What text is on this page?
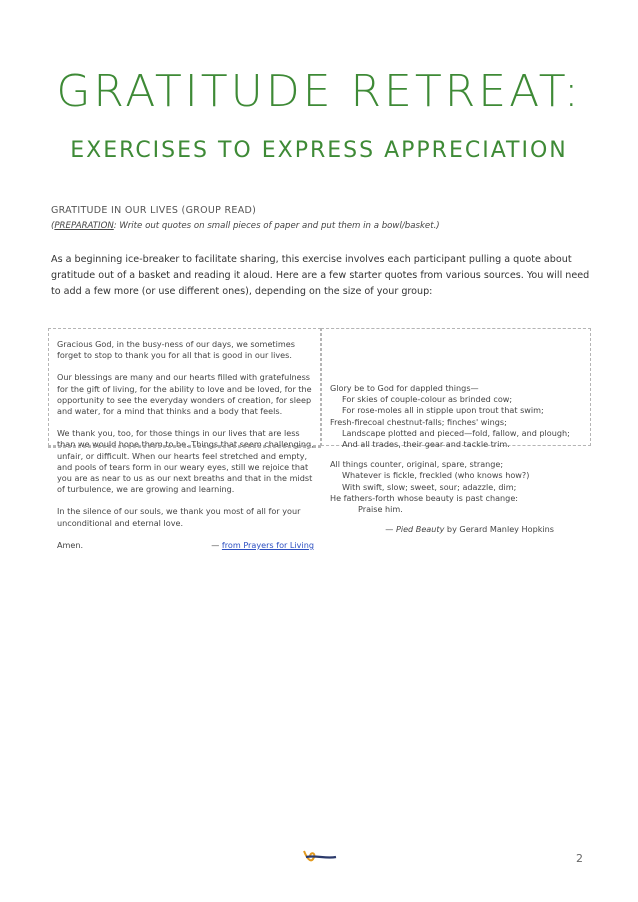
GRATITUDE RETREAT:
EXERCISES TO EXPRESS APPRECIATION
GRATITUDE IN OUR LIVES (GROUP READ)
(PREPARATION: Write out quotes on small pieces of paper and put them in a bowl/basket.)
As a beginning ice-breaker to facilitate sharing, this exercise involves each participant pulling a quote about gratitude out of a basket and reading it aloud. Here are a few starter quotes from various sources. You will need to add a few more (or use different ones), depending on the size of your group:

Gracious God, in the busy-ness of our days, we sometimes forget to stop to thank you for all that is good in our lives.

Our blessings are many and our hearts filled with gratefulness for the gift of living, for the ability to love and be loved, for the opportunity to see the everyday wonders of creation, for sleep and water, for a mind that thinks and a body that feels.

We thank you, too, for those things in our lives that are less than we would hope them to be. Things that seem challenging, unfair, or difficult. When our hearts feel stretched and empty, and pools of tears form in our weary eyes, still we rejoice that you are as near to us as our next breaths and that in the midst of turbulence, we are growing and learning.

In the silence of our souls, we thank you most of all for your unconditional and eternal love.

Amen.	— from Prayers for Living
Glory be to God for dappled things—
For skies of couple-colour as brinded cow;
For rose-moles all in stipple upon trout that swim;
Fresh-firecoal chestnut-falls; finches' wings;
Landscape plotted and pieced—fold, fallow, and plough;
And all trades, their gear and tackle trim.
All things counter, original, spare, strange;
Whatever is fickle, freckled (who knows how?)
With swift, slow; sweet, sour; adazzle, dim;
He fathers-forth whose beauty is past change:
Praise him.
— Pied Beauty by Gerard Manley Hopkins
2
